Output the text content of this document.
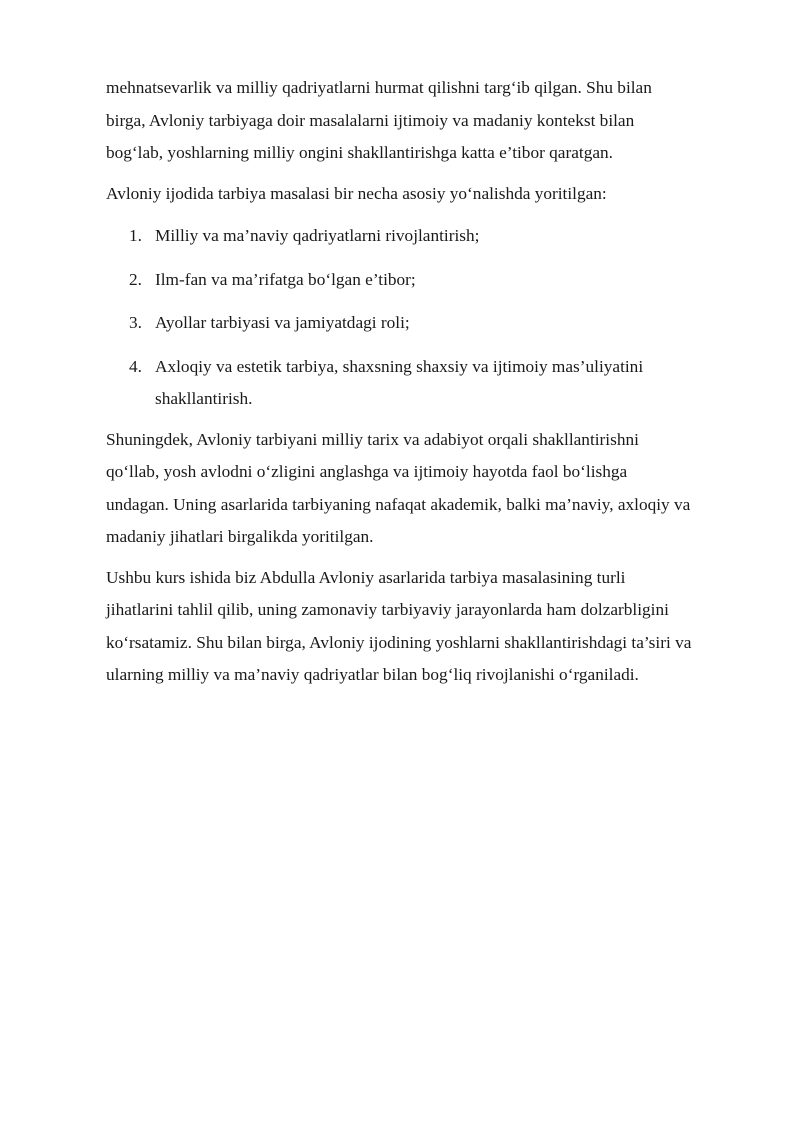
mehnatsevarlik va milliy qadriyatlarni hurmat qilishni targ‘ib qilgan. Shu bilan
birga, Avloniy tarbiyaga doir masalalarni ijtimoiy va madaniy kontekst bilan
bog‘lab, yoshlarning milliy ongini shakllantirishga katta e’tibor qaratgan.

Avloniy ijodida tarbiya masalasi bir necha asosiy yo‘nalishda yoritilgan:

1. Milliy va ma’naviy qadriyatlarni rivojlantirish;
2. Ilm-fan va ma’rifatga bo‘lgan e’tibor;
3. Ayollar tarbiyasi va jamiyatdagi roli;
4. Axloqiy va estetik tarbiya, shaxsning shaxsiy va ijtimoiy mas’uliyatini
shakllantirish.

Shuningdek, Avloniy tarbiyani milliy tarix va adabiyot orqali shakllantirishni
qo‘llab, yosh avlodni o‘zligini anglashga va ijtimoiy hayotda faol bo‘lishga
undagan. Uning asarlarida tarbiyaning nafaqat akademik, balki ma’naviy, axloqiy va
madaniy jihatlari birgalikda yoritilgan.

Ushbu kurs ishida biz Abdulla Avloniy asarlarida tarbiya masalasining turli
jihatlarini tahlil qilib, uning zamonaviy tarbiyaviy jarayonlarda ham dolzarbligini
ko‘rsatamiz. Shu bilan birga, Avloniy ijodining yoshlarni shakllantirishdagi ta’siri va
ularning milliy va ma’naviy qadriyatlar bilan bog‘liq rivojlanishi o‘rganiladi.
